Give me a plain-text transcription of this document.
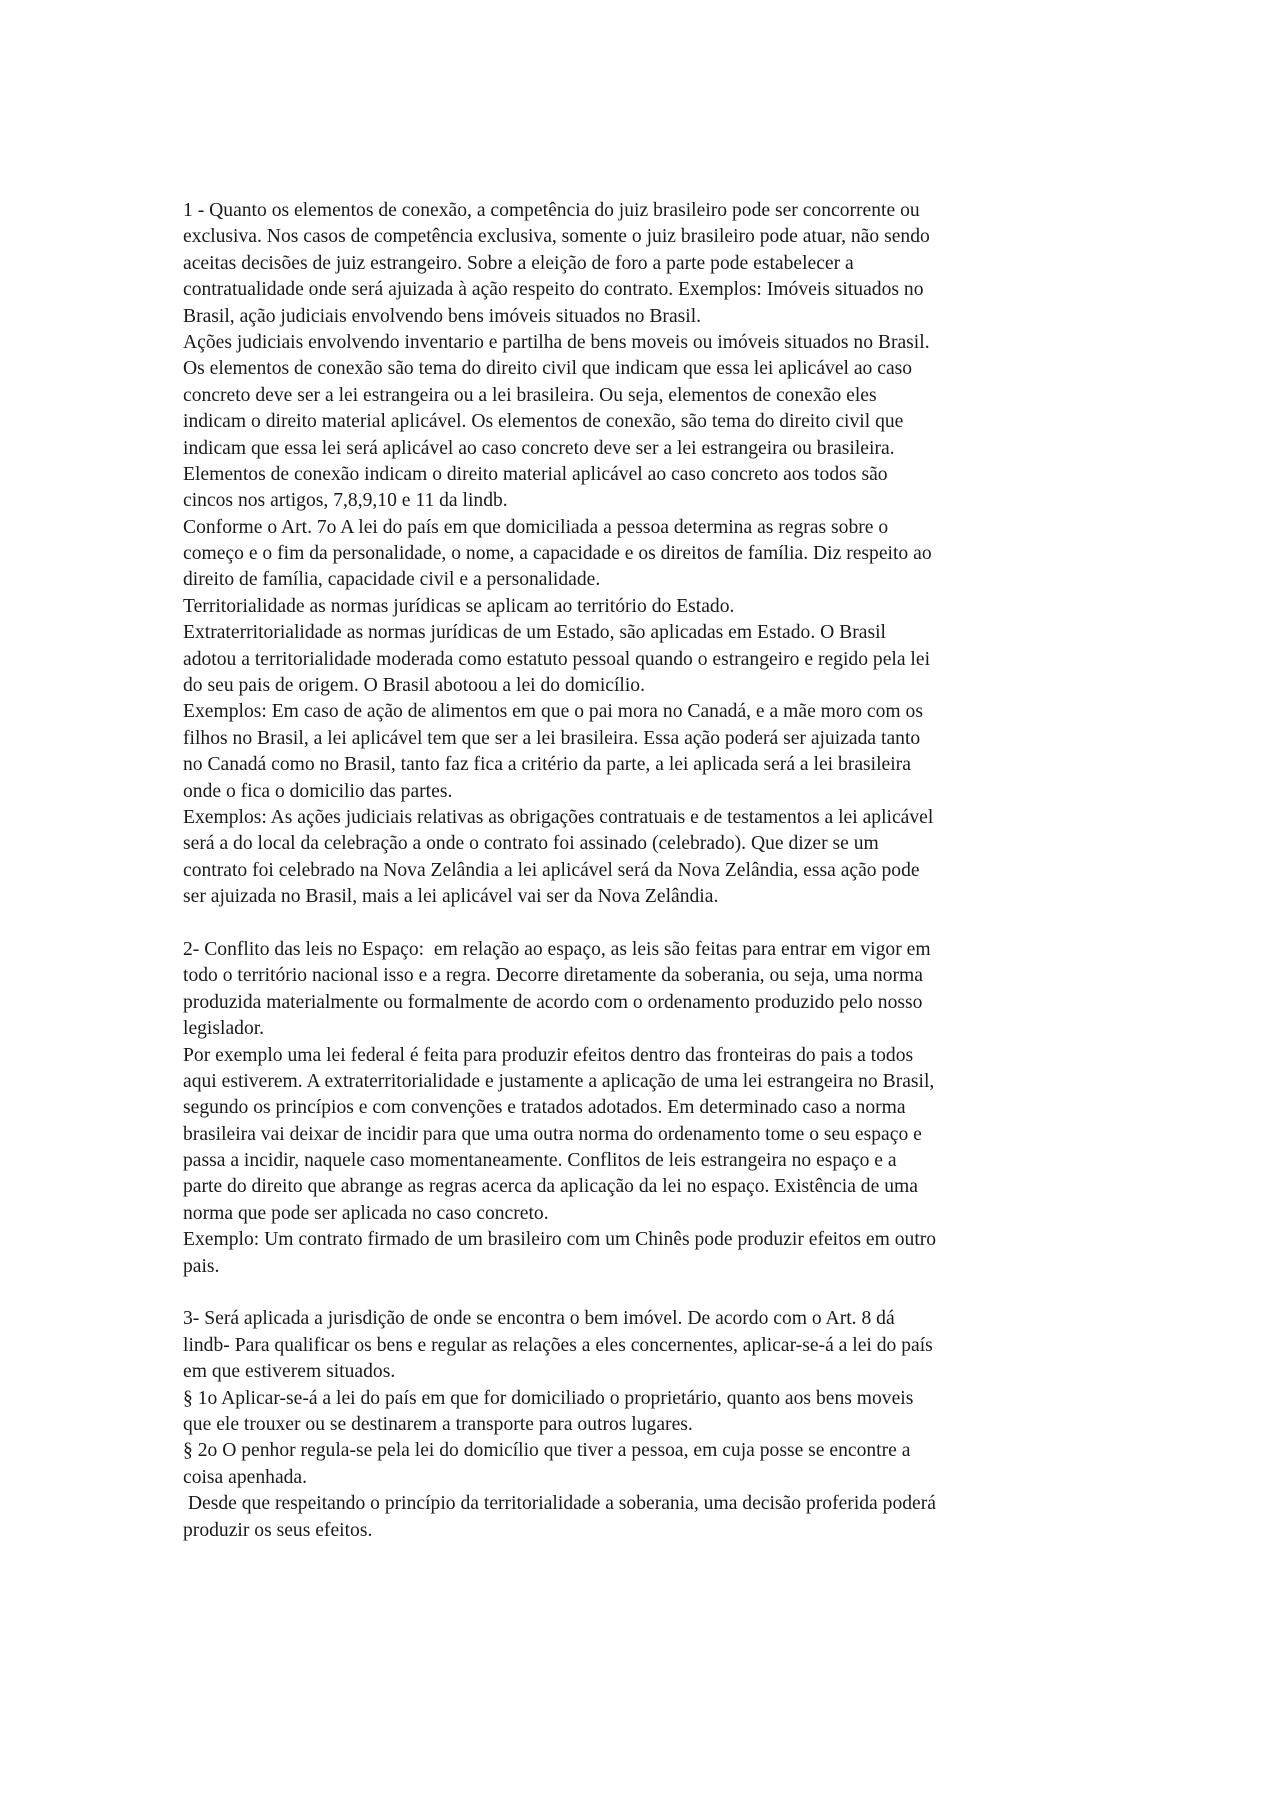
1 - Quanto os elementos de conexão, a competência do juiz brasileiro pode ser concorrente ou
exclusiva. Nos casos de competência exclusiva, somente o juiz brasileiro pode atuar, não sendo
aceitas decisões de juiz estrangeiro. Sobre a eleição de foro a parte pode estabelecer a
contratualidade onde será ajuizada à ação respeito do contrato. Exemplos: Imóveis situados no
Brasil, ação judiciais envolvendo bens imóveis situados no Brasil.
Ações judiciais envolvendo inventario e partilha de bens moveis ou imóveis situados no Brasil.
Os elementos de conexão são tema do direito civil que indicam que essa lei aplicável ao caso
concreto deve ser a lei estrangeira ou a lei brasileira. Ou seja, elementos de conexão eles
indicam o direito material aplicável. Os elementos de conexão, são tema do direito civil que
indicam que essa lei será aplicável ao caso concreto deve ser a lei estrangeira ou brasileira.
Elementos de conexão indicam o direito material aplicável ao caso concreto aos todos são
cincos nos artigos, 7,8,9,10 e 11 da lindb.
Conforme o Art. 7o A lei do país em que domiciliada a pessoa determina as regras sobre o
começo e o fim da personalidade, o nome, a capacidade e os direitos de família. Diz respeito ao
direito de família, capacidade civil e a personalidade.
Territorialidade as normas jurídicas se aplicam ao território do Estado.
Extraterritorialidade as normas jurídicas de um Estado, são aplicadas em Estado. O Brasil
adotou a territorialidade moderada como estatuto pessoal quando o estrangeiro e regido pela lei
do seu pais de origem. O Brasil abotoou a lei do domicílio.
Exemplos: Em caso de ação de alimentos em que o pai mora no Canadá, e a mãe moro com os
filhos no Brasil, a lei aplicável tem que ser a lei brasileira. Essa ação poderá ser ajuizada tanto
no Canadá como no Brasil, tanto faz fica a critério da parte, a lei aplicada será a lei brasileira
onde o fica o domicilio das partes.
Exemplos: As ações judiciais relativas as obrigações contratuais e de testamentos a lei aplicável
será a do local da celebração a onde o contrato foi assinado (celebrado). Que dizer se um
contrato foi celebrado na Nova Zelândia a lei aplicável será da Nova Zelândia, essa ação pode
ser ajuizada no Brasil, mais a lei aplicável vai ser da Nova Zelândia.
2- Conflito das leis no Espaço:  em relação ao espaço, as leis são feitas para entrar em vigor em
todo o território nacional isso e a regra. Decorre diretamente da soberania, ou seja, uma norma
produzida materialmente ou formalmente de acordo com o ordenamento produzido pelo nosso
legislador.
Por exemplo uma lei federal é feita para produzir efeitos dentro das fronteiras do pais a todos
aqui estiverem. A extraterritorialidade e justamente a aplicação de uma lei estrangeira no Brasil,
segundo os princípios e com convenções e tratados adotados. Em determinado caso a norma
brasileira vai deixar de incidir para que uma outra norma do ordenamento tome o seu espaço e
passa a incidir, naquele caso momentaneamente. Conflitos de leis estrangeira no espaço e a
parte do direito que abrange as regras acerca da aplicação da lei no espaço. Existência de uma
norma que pode ser aplicada no caso concreto.
Exemplo: Um contrato firmado de um brasileiro com um Chinês pode produzir efeitos em outro
pais.
3- Será aplicada a jurisdição de onde se encontra o bem imóvel. De acordo com o Art. 8 dá
lindb- Para qualificar os bens e regular as relações a eles concernentes, aplicar-se-á a lei do país
em que estiverem situados.
§ 1o Aplicar-se-á a lei do país em que for domiciliado o proprietário, quanto aos bens moveis
que ele trouxer ou se destinarem a transporte para outros lugares.
§ 2o O penhor regula-se pela lei do domicílio que tiver a pessoa, em cuja posse se encontre a
coisa apenhada.
Desde que respeitando o princípio da territorialidade a soberania, uma decisão proferida poderá
produzir os seus efeitos.
